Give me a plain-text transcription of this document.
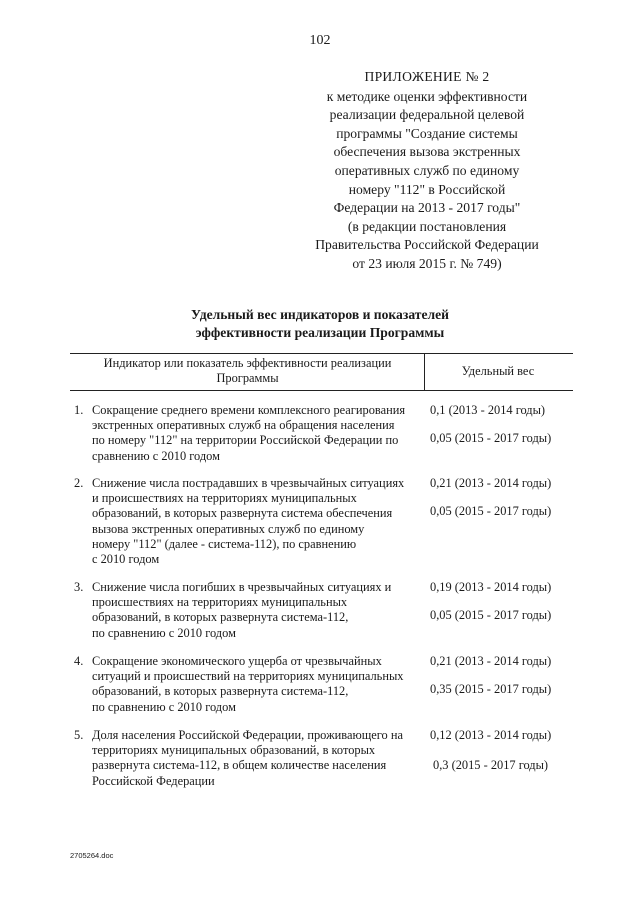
102
ПРИЛОЖЕНИЕ № 2
к методике оценки эффективности
реализации федеральной целевой
программы "Создание системы
обеспечения вызова экстренных
оперативных служб по единому
номеру "112" в Российской
Федерации на 2013 - 2017 годы"
(в редакции постановления
Правительства Российской Федерации
от 23 июля 2015 г. № 749)
Удельный вес индикаторов и показателей
эффективности реализации Программы
Индикатор или показатель эффективности реализации
Программы	Удельный вес
1. Сокращение среднего времени комплексного реагирования
экстренных оперативных служб на обращения населения
по номеру "112" на территории Российской Федерации по
сравнению с 2010 годом
0,1 (2013 - 2014 годы)
0,05 (2015 - 2017 годы)
2. Снижение числа пострадавших в чрезвычайных ситуациях
и происшествиях на территориях муниципальных
образований, в которых развернута система обеспечения
вызова экстренных оперативных служб по единому
номеру "112" (далее - система-112), по сравнению
с 2010 годом
0,21 (2013 - 2014 годы)
0,05 (2015 - 2017 годы)
3. Снижение числа погибших в чрезвычайных ситуациях и
происшествиях на территориях муниципальных
образований, в которых развернута система-112,
по сравнению с 2010 годом
0,19 (2013 - 2014 годы)
0,05 (2015 - 2017 годы)
4. Сокращение экономического ущерба от чрезвычайных
ситуаций и происшествий на территориях муниципальных
образований, в которых развернута система-112,
по сравнению с 2010 годом
0,21 (2013 - 2014 годы)
0,35 (2015 - 2017 годы)
5. Доля населения Российской Федерации, проживающего на
территориях муниципальных образований, в которых
развернута система-112, в общем количестве населения
Российской Федерации
0,12 (2013 - 2014 годы)
0,3 (2015 - 2017 годы)
2705264.doc
